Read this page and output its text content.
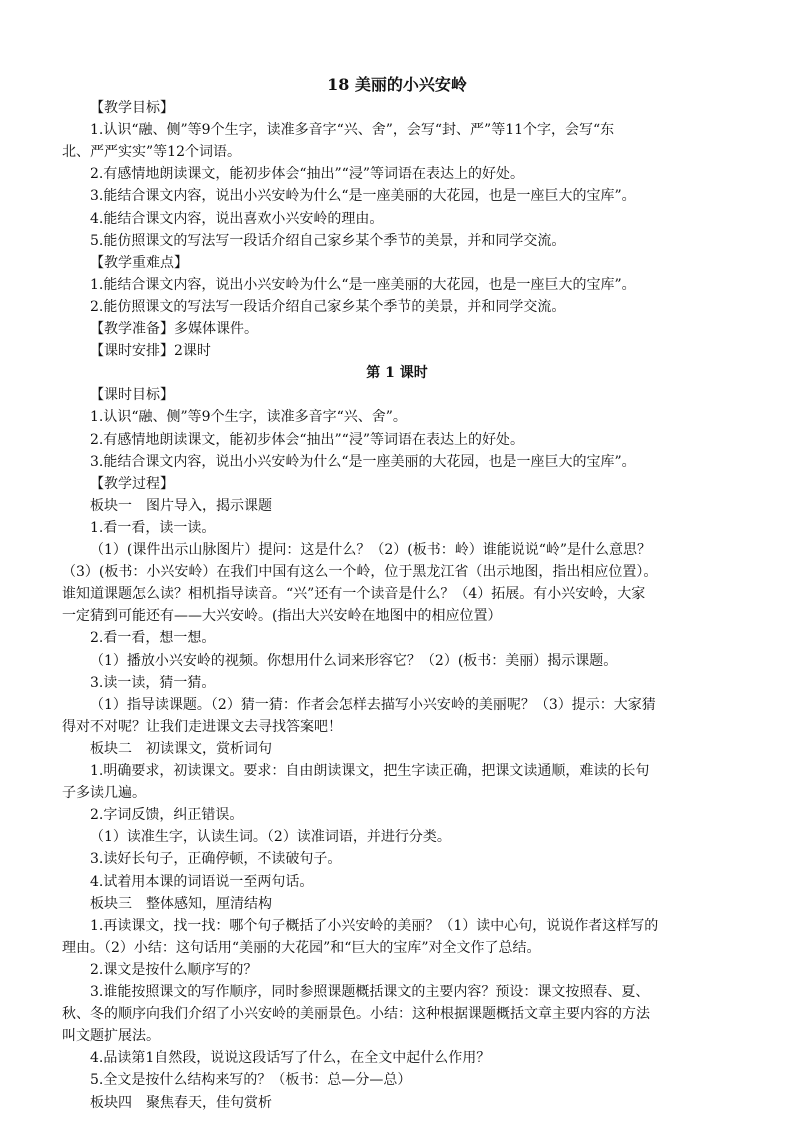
18 美丽的小兴安岭
【教学目标】
1.认识“融、侧”等9个生字，读准多音字“兴、舍”，会写“封、严”等11个字，会写“东
北、严严实实”等12个词语。
2.有感情地朗读课文，能初步体会“抽出”“浸”等词语在表达上的好处。
3.能结合课文内容，说出小兴安岭为什么“是一座美丽的大花园，也是一座巨大的宝库”。
4.能结合课文内容，说出喜欢小兴安岭的理由。
5.能仿照课文的写法写一段话介绍自己家乡某个季节的美景，并和同学交流。
【教学重难点】
1.能结合课文内容，说出小兴安岭为什么“是一座美丽的大花园，也是一座巨大的宝库”。
2.能仿照课文的写法写一段话介绍自己家乡某个季节的美景，并和同学交流。
【教学准备】多媒体课件。
【课时安排】2课时
第 1 课时
【课时目标】
1.认识“融、侧”等9个生字，读准多音字“兴、舍”。
2.有感情地朗读课文，能初步体会“抽出”“浸”等词语在表达上的好处。
3.能结合课文内容，说出小兴安岭为什么“是一座美丽的大花园，也是一座巨大的宝库”。
【教学过程】
板块一　图片导入，揭示课题
1.看一看，读一读。
（1）(课件出示山脉图片）提问：这是什么？（2）(板书：岭）谁能说说“岭”是什么意思？
（3）(板书：小兴安岭）在我们中国有这么一个岭，位于黑龙江省（出示地图，指出相应位置）。
谁知道课题怎么读？相机指导读音。“兴”还有一个读音是什么？（4）拓展。有小兴安岭，大家
一定猜到可能还有——大兴安岭。(指出大兴安岭在地图中的相应位置）
2.看一看，想一想。
（1）播放小兴安岭的视频。你想用什么词来形容它？（2）(板书：美丽）揭示课题。
3.读一读，猜一猜。
（1）指导读课题。（2）猜一猜：作者会怎样去描写小兴安岭的美丽呢？（3）提示：大家猜
得对不对呢？让我们走进课文去寻找答案吧！
板块二　初读课文，赏析词句
1.明确要求，初读课文。要求：自由朗读课文，把生字读正确，把课文读通顺，难读的长句
子多读几遍。
2.字词反馈，纠正错误。
（1）读准生字，认读生词。（2）读准词语，并进行分类。
3.读好长句子，正确停顿，不读破句子。
4.试着用本课的词语说一至两句话。
板块三　整体感知，厘清结构
1.再读课文，找一找：哪个句子概括了小兴安岭的美丽？（1）读中心句，说说作者这样写的
理由。（2）小结：这句话用“美丽的大花园”和“巨大的宝库”对全文作了总结。
2.课文是按什么顺序写的？
3.谁能按照课文的写作顺序，同时参照课题概括课文的主要内容？预设：课文按照春、夏、
秋、冬的顺序向我们介绍了小兴安岭的美丽景色。小结：这种根据课题概括文章主要内容的方法
叫文题扩展法。
4.品读第1自然段，说说这段话写了什么，在全文中起什么作用？
5.全文是按什么结构来写的？（板书：总—分—总）
板块四　聚焦春天，佳句赏析
